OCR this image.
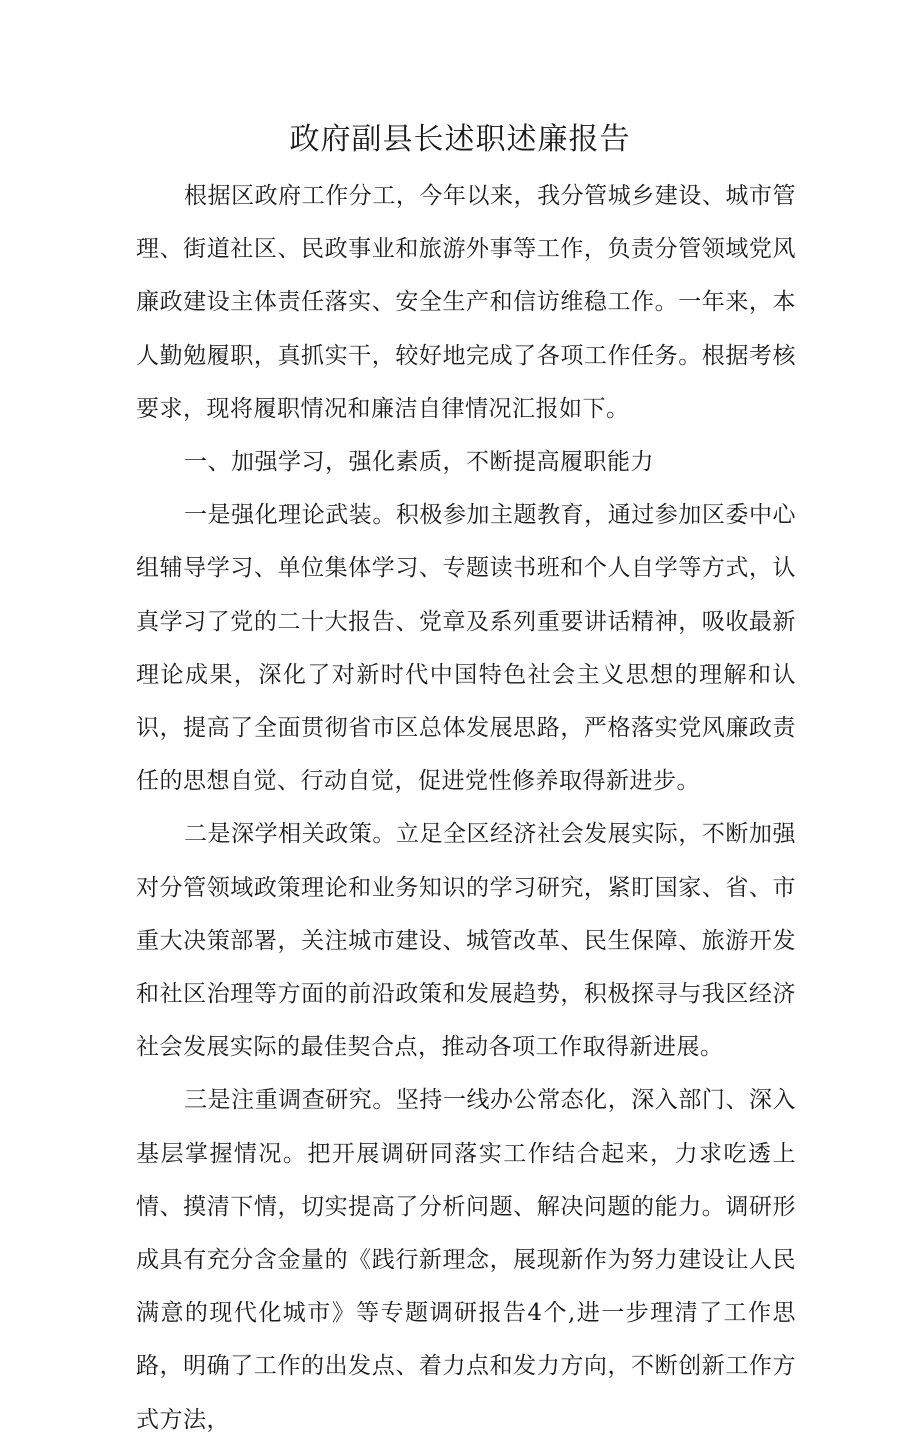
政府副县长述职述廉报告

根据区政府工作分工，今年以来，我分管城乡建设、城市管理、街道社区、民政事业和旅游外事等工作，负责分管领域党风廉政建设主体责任落实、安全生产和信访维稳工作。一年来，本人勤勉履职，真抓实干，较好地完成了各项工作任务。根据考核要求，现将履职情况和廉洁自律情况汇报如下。

一、加强学习，强化素质，不断提高履职能力

一是强化理论武装。积极参加主题教育，通过参加区委中心组辅导学习、单位集体学习、专题读书班和个人自学等方式，认真学习了党的二十大报告、党章及系列重要讲话精神，吸收最新理论成果，深化了对新时代中国特色社会主义思想的理解和认识，提高了全面贯彻省市区总体发展思路，严格落实党风廉政责任的思想自觉、行动自觉，促进党性修养取得新进步。

二是深学相关政策。立足全区经济社会发展实际，不断加强对分管领域政策理论和业务知识的学习研究，紧盯国家、省、市重大决策部署，关注城市建设、城管改革、民生保障、旅游开发和社区治理等方面的前沿政策和发展趋势，积极探寻与我区经济社会发展实际的最佳契合点，推动各项工作取得新进展。

三是注重调查研究。坚持一线办公常态化，深入部门、深入基层掌握情况。把开展调研同落实工作结合起来，力求吃透上情、摸清下情，切实提高了分析问题、解决问题的能力。调研形成具有充分含金量的《践行新理念，展现新作为努力建设让人民满意的现代化城市》等专题调研报告4个,进一步理清了工作思路，明确了工作的出发点、着力点和发力方向，不断创新工作方式方法，
